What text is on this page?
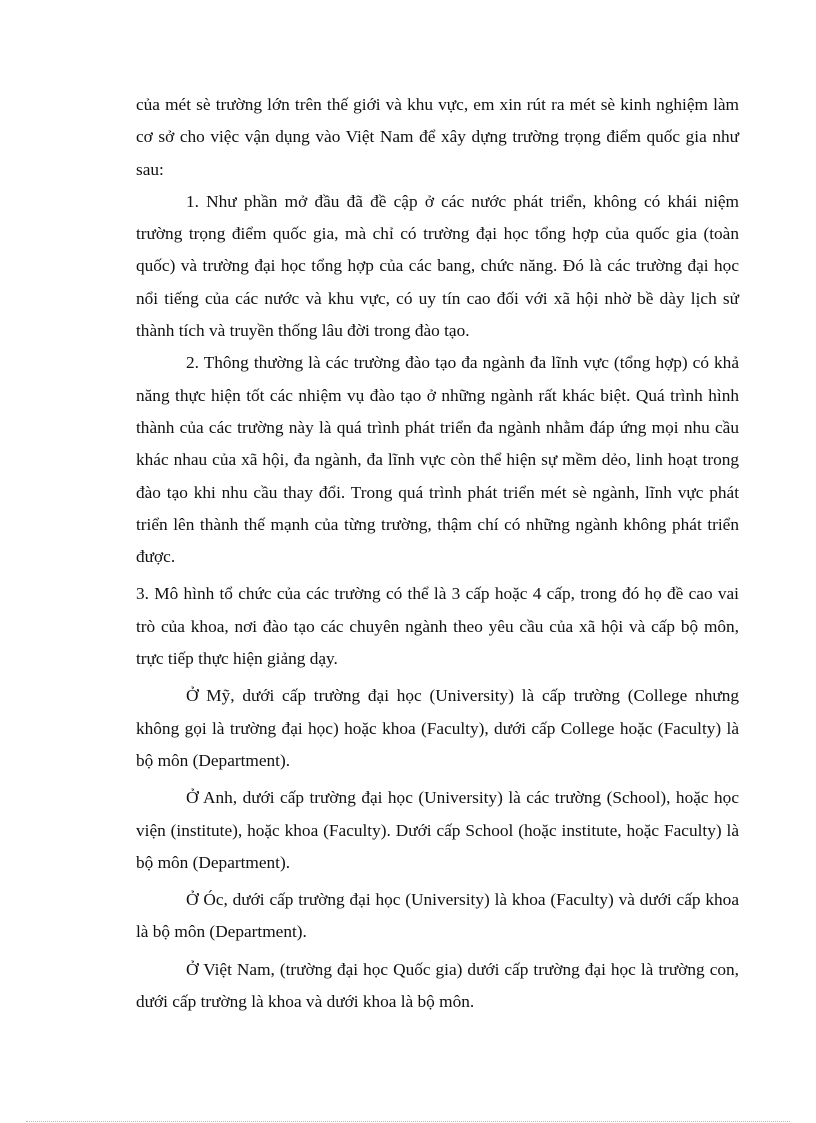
của mét sè trường lớn trên thế giới và khu vực, em xin rút ra mét sè kinh nghiệm làm cơ sở cho việc vận dụng vào Việt Nam để xây dựng trường trọng điểm quốc gia như sau:

1. Như phần mở đầu đã đề cập ở các nước phát triển, không có khái niệm trường trọng điểm quốc gia, mà chỉ có trường đại học tổng hợp của quốc gia (toàn quốc) và trường đại học tổng hợp của các bang, chức năng. Đó là các trường đại học nổi tiếng của các nước và khu vực, có uy tín cao đối với xã hội nhờ bề dày lịch sử thành tích và truyền thống lâu đời trong đào tạo.

2. Thông thường là các trường đào tạo đa ngành đa lĩnh vực (tổng hợp) có khả năng thực hiện tốt các nhiệm vụ đào tạo ở những ngành rất khác biệt. Quá trình hình thành của các trường này là quá trình phát triển đa ngành nhằm đáp ứng mọi nhu cầu khác nhau của xã hội, đa ngành, đa lĩnh vực còn thể hiện sự mềm dẻo, linh hoạt trong đào tạo khi nhu cầu thay đổi. Trong quá trình phát triển mét sè ngành, lĩnh vực phát triển lên thành thế mạnh của từng trường, thậm chí có những ngành không phát triển được.

3. Mô hình tổ chức của các trường có thể là 3 cấp hoặc 4 cấp, trong đó họ đề cao vai trò của khoa, nơi đào tạo các chuyên ngành theo yêu cầu của xã hội và cấp bộ môn, trực tiếp thực hiện giảng dạy.

Ở Mỹ, dưới cấp trường đại học (University) là cấp trường (College nhưng không gọi là trường đại học) hoặc khoa (Faculty), dưới cấp College hoặc (Faculty) là bộ môn (Department).

Ở Anh, dưới cấp trường đại học (University) là các trường (School), hoặc học viện (institute), hoặc khoa (Faculty). Dưới cấp School (hoặc institute, hoặc Faculty) là bộ môn (Department).

Ở Óc, dưới cấp trường đại học (University) là khoa (Faculty) và dưới cấp khoa là bộ môn (Department).

Ở Việt Nam, (trường đại học Quốc gia) dưới cấp trường đại học là trường con, dưới cấp trường là khoa và dưới khoa là bộ môn.
